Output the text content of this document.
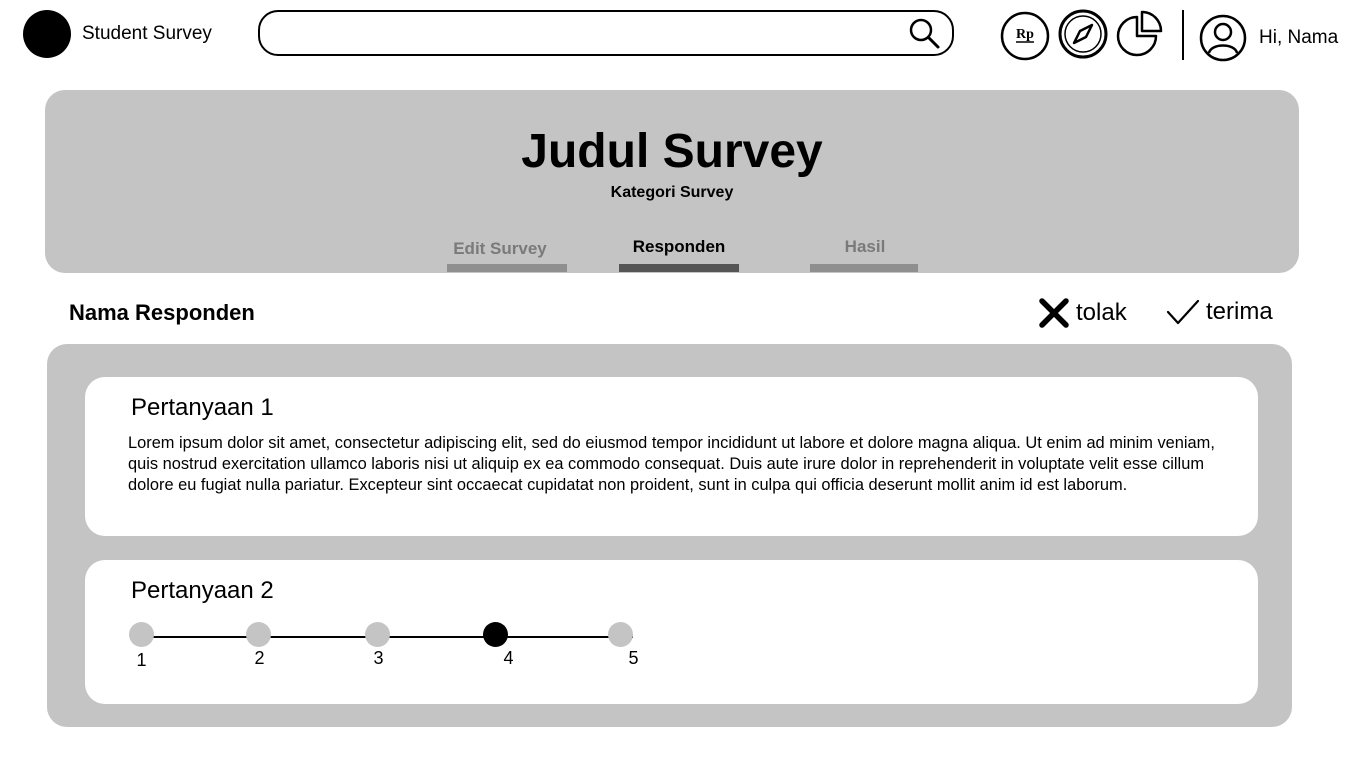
Student Survey	Rp	Hi, Nama
Judul Survey
Kategori Survey
Edit Survey	Responden	Hasil
Nama Responden	tolak	terima
Pertanyaan 1
Lorem ipsum dolor sit amet, consectetur adipiscing elit, sed do eiusmod tempor incididunt ut labore et dolore magna aliqua. Ut enim ad minim veniam, quis nostrud exercitation ullamco laboris nisi ut aliquip ex ea commodo consequat. Duis aute irure dolor in reprehenderit in voluptate velit esse cillum dolore eu fugiat nulla pariatur. Excepteur sint occaecat cupidatat non proident, sunt in culpa qui officia deserunt mollit anim id est laborum.
Pertanyaan 2
1	2	3	4	5
